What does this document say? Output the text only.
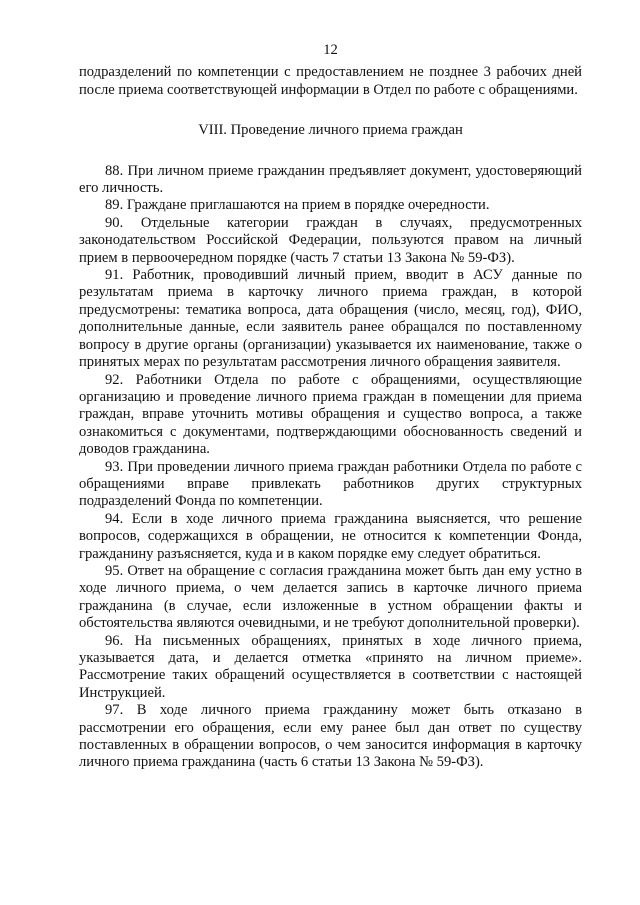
12

подразделений по компетенции с предоставлением не позднее 3 рабочих дней после приема соответствующей информации в Отдел по работе с обращениями.

VIII. Проведение личного приема граждан

88. При личном приеме гражданин предъявляет документ, удостоверяющий его личность.

89. Граждане приглашаются на прием в порядке очередности.

90. Отдельные категории граждан в случаях, предусмотренных законодательством Российской Федерации, пользуются правом на личный прием в первоочередном порядке (часть 7 статьи 13 Закона № 59-ФЗ).

91. Работник, проводивший личный прием, вводит в АСУ данные по результатам приема в карточку личного приема граждан, в которой предусмотрены: тематика вопроса, дата обращения (число, месяц, год), ФИО, дополнительные данные, если заявитель ранее обращался по поставленному вопросу в другие органы (организации) указывается их наименование, также о принятых мерах по результатам рассмотрения личного обращения заявителя.

92. Работники Отдела по работе с обращениями, осуществляющие организацию и проведение личного приема граждан в помещении для приема граждан, вправе уточнить мотивы обращения и существо вопроса, а также ознакомиться с документами, подтверждающими обоснованность сведений и доводов гражданина.

93. При проведении личного приема граждан работники Отдела по работе с обращениями вправе привлекать работников других структурных подразделений Фонда по компетенции.

94. Если в ходе личного приема гражданина выясняется, что решение вопросов, содержащихся в обращении, не относится к компетенции Фонда, гражданину разъясняется, куда и в каком порядке ему следует обратиться.

95. Ответ на обращение с согласия гражданина может быть дан ему устно в ходе личного приема, о чем делается запись в карточке личного приема гражданина (в случае, если изложенные в устном обращении факты и обстоятельства являются очевидными, и не требуют дополнительной проверки).

96. На письменных обращениях, принятых в ходе личного приема, указывается дата, и делается отметка «принято на личном приеме». Рассмотрение таких обращений осуществляется в соответствии с настоящей Инструкцией.

97. В ходе личного приема гражданину может быть отказано в рассмотрении его обращения, если ему ранее был дан ответ по существу поставленных в обращении вопросов, о чем заносится информация в карточку личного приема гражданина (часть 6 статьи 13 Закона № 59-ФЗ).
